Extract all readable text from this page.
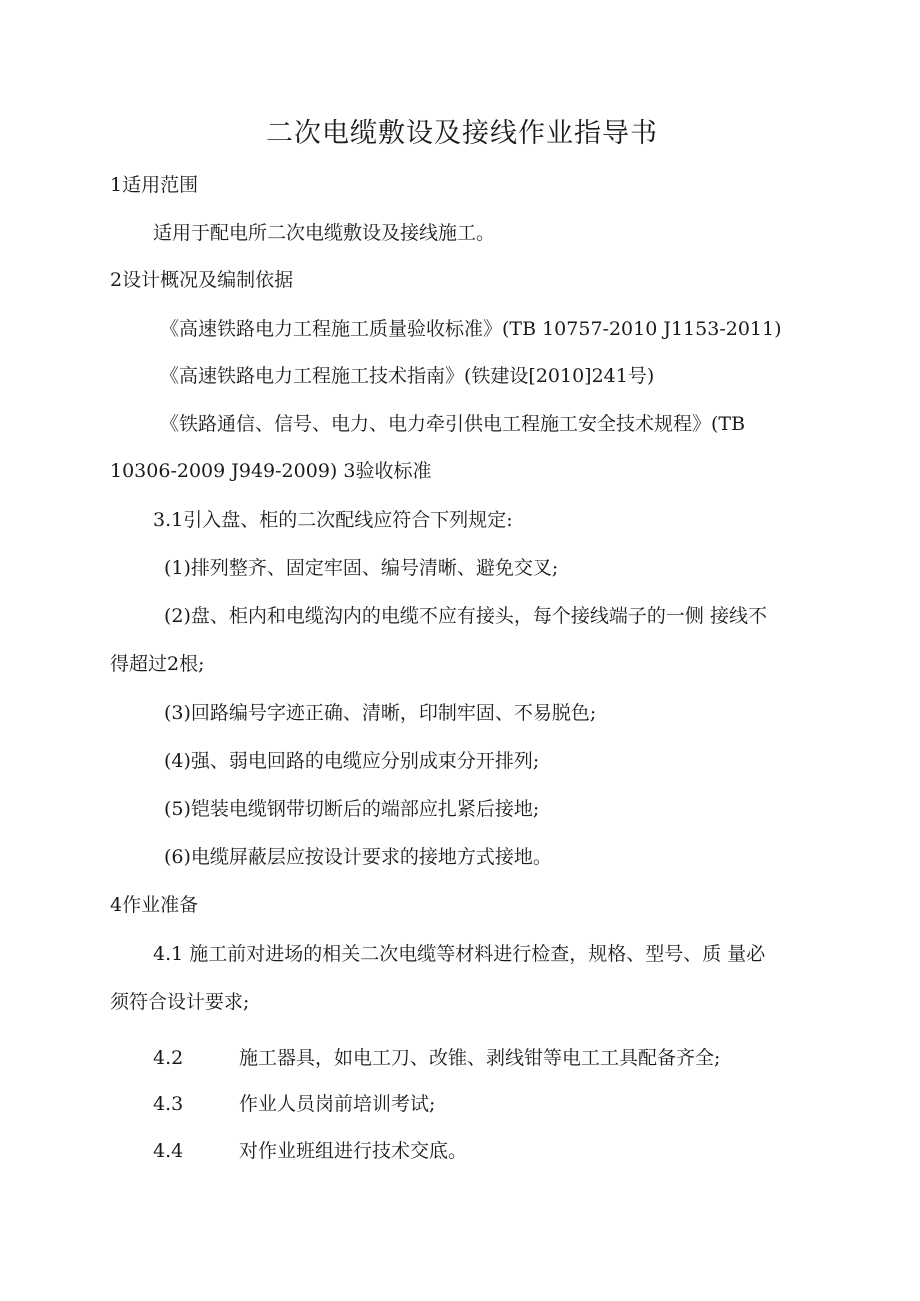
二次电缆敷设及接线作业指导书
1适用范围
适用于配电所二次电缆敷设及接线施工。
2设计概况及编制依据
《高速铁路电力工程施工质量验收标准》(TB 10757-2010 J1153-2011)
《高速铁路电力工程施工技术指南》(铁建设[2010]241号)
《铁路通信、信号、电力、电力牵引供电工程施工安全技术规程》(TB
10306-2009 J949-2009) 3验收标准
3.1引入盘、柜的二次配线应符合下列规定:
(1)排列整齐、固定牢固、编号清晰、避免交叉;
(2)盘、柜内和电缆沟内的电缆不应有接头，每个接线端子的一侧 接线不
得超过2根;
(3)回路编号字迹正确、清晰，印制牢固、不易脱色;
(4)强、弱电回路的电缆应分别成束分开排列;
(5)铠装电缆钢带切断后的端部应扎紧后接地;
(6)电缆屏蔽层应按设计要求的接地方式接地。
4作业准备
4.1 施工前对进场的相关二次电缆等材料进行检查，规格、型号、质 量必
须符合设计要求;
4.2	施工器具，如电工刀、改锥、剥线钳等电工工具配备齐全;
4.3	作业人员岗前培训考试;
4.4	对作业班组进行技术交底。
